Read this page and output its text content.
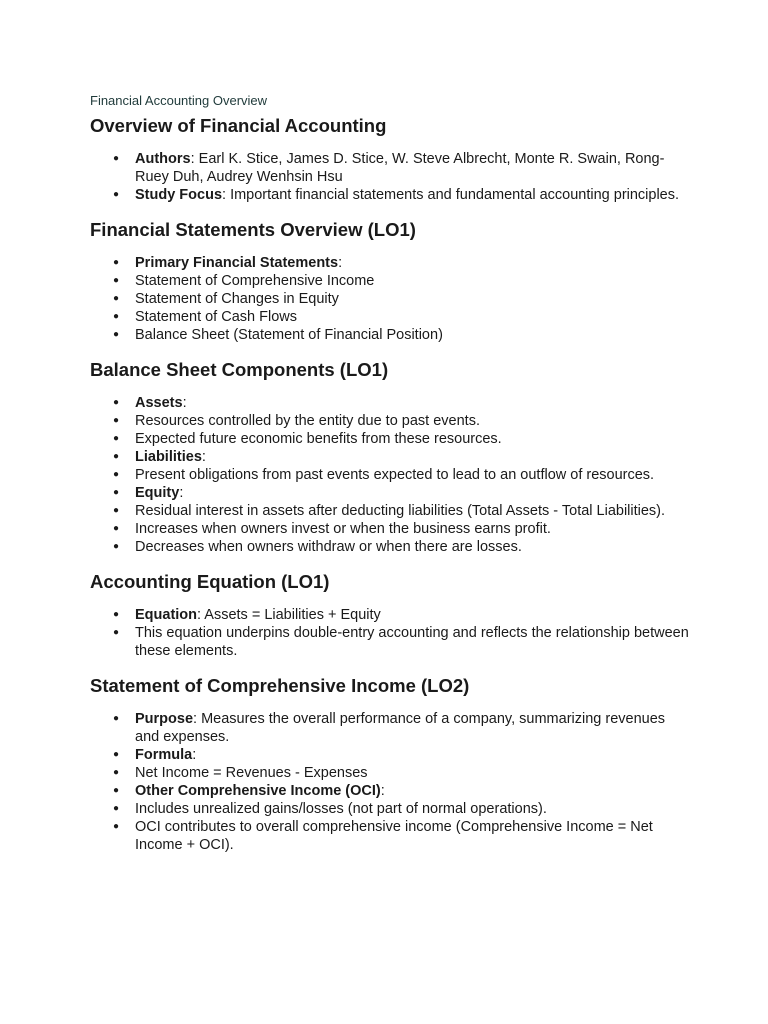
Financial Accounting Overview
Overview of Financial Accounting
● Authors: Earl K. Stice, James D. Stice, W. Steve Albrecht, Monte R. Swain, Rong-Ruey Duh, Audrey Wenhsin Hsu
● Study Focus: Important financial statements and fundamental accounting principles.
Financial Statements Overview (LO1)
● Primary Financial Statements:
● Statement of Comprehensive Income
● Statement of Changes in Equity
● Statement of Cash Flows
● Balance Sheet (Statement of Financial Position)
Balance Sheet Components (LO1)
● Assets:
● Resources controlled by the entity due to past events.
● Expected future economic benefits from these resources.
● Liabilities:
● Present obligations from past events expected to lead to an outflow of resources.
● Equity:
● Residual interest in assets after deducting liabilities (Total Assets - Total Liabilities).
● Increases when owners invest or when the business earns profit.
● Decreases when owners withdraw or when there are losses.
Accounting Equation (LO1)
● Equation: Assets = Liabilities + Equity
● This equation underpins double-entry accounting and reflects the relationship between these elements.
Statement of Comprehensive Income (LO2)
● Purpose: Measures the overall performance of a company, summarizing revenues and expenses.
● Formula:
● Net Income = Revenues - Expenses
● Other Comprehensive Income (OCI):
● Includes unrealized gains/losses (not part of normal operations).
● OCI contributes to overall comprehensive income (Comprehensive Income = Net Income + OCI).
